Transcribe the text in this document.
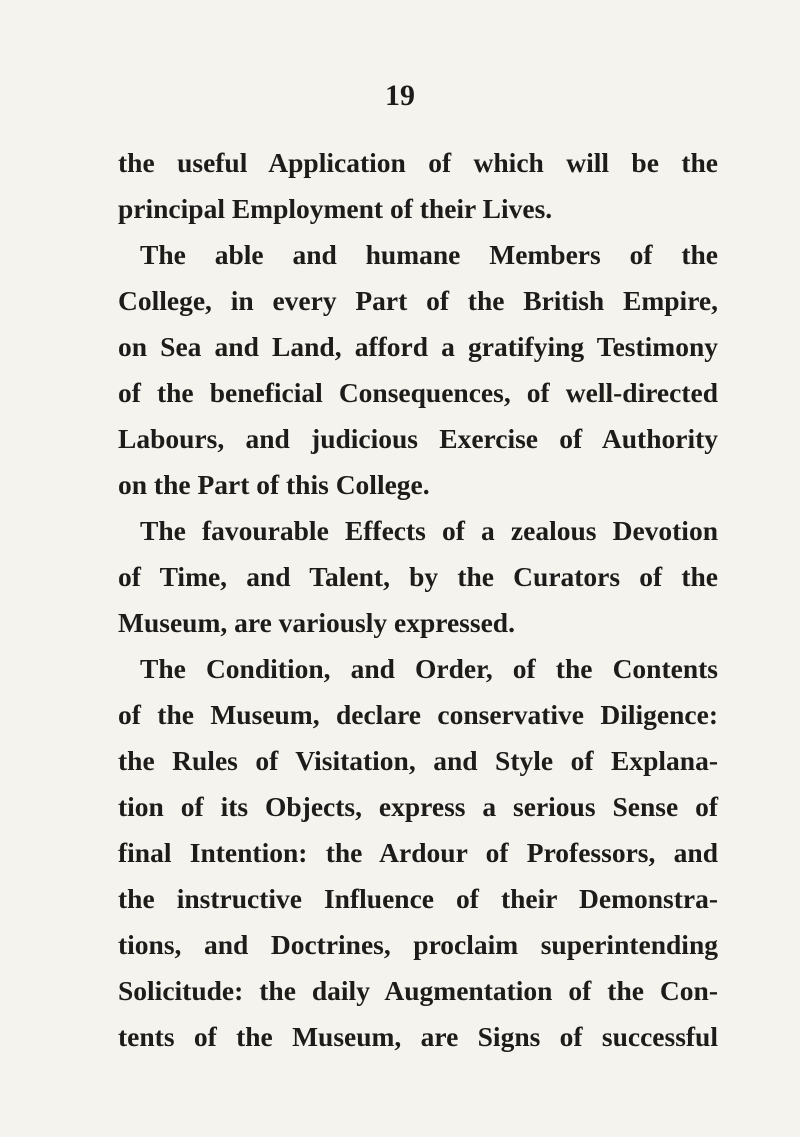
19
the useful Application of which will be the
principal Employment of their Lives.
The able and humane Members of the
College, in every Part of the British Empire,
on Sea and Land, afford a gratifying Testimony
of the beneficial Consequences, of well-directed
Labours, and judicious Exercise of Authority
on the Part of this College.
The favourable Effects of a zealous Devotion
of Time, and Talent, by the Curators of the
Museum, are variously expressed.
The Condition, and Order, of the Contents
of the Museum, declare conservative Diligence:
the Rules of Visitation, and Style of Explana-
tion of its Objects, express a serious Sense of
final Intention: the Ardour of Professors, and
the instructive Influence of their Demonstra-
tions, and Doctrines, proclaim superintending
Solicitude: the daily Augmentation of the Con-
tents of the Museum, are Signs of successful
